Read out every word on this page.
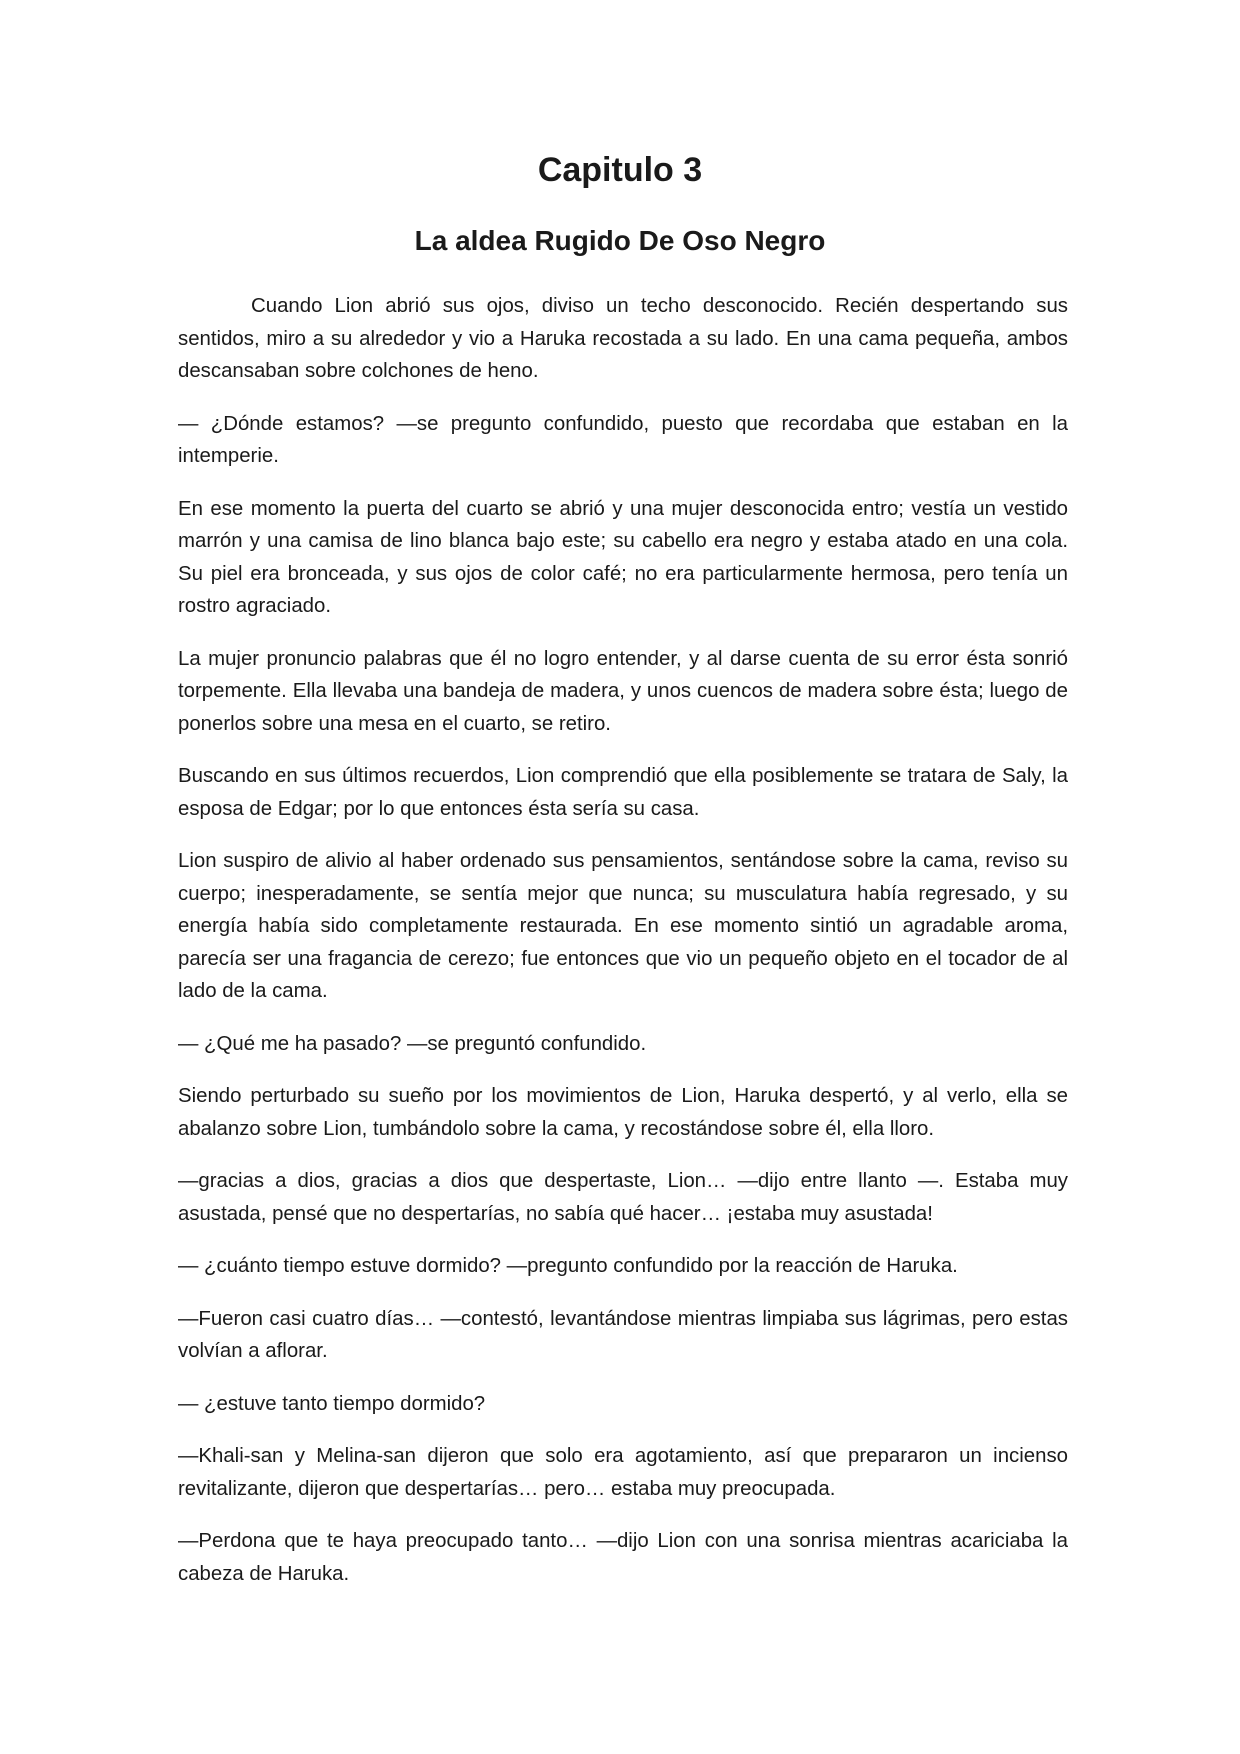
Capitulo 3
La aldea Rugido De Oso Negro

Cuando Lion abrió sus ojos, diviso un techo desconocido. Recién despertando sus sentidos, miro a su alrededor y vio a Haruka recostada a su lado. En una cama pequeña, ambos descansaban sobre colchones de heno.

— ¿Dónde estamos? —se pregunto confundido, puesto que recordaba que estaban en la intemperie.

En ese momento la puerta del cuarto se abrió y una mujer desconocida entro; vestía un vestido marrón y una camisa de lino blanca bajo este; su cabello era negro y estaba atado en una cola. Su piel era bronceada, y sus ojos de color café; no era particularmente hermosa, pero tenía un rostro agraciado.

La mujer pronuncio palabras que él no logro entender, y al darse cuenta de su error ésta sonrió torpemente. Ella llevaba una bandeja de madera, y unos cuencos de madera sobre ésta; luego de ponerlos sobre una mesa en el cuarto, se retiro.

Buscando en sus últimos recuerdos, Lion comprendió que ella posiblemente se tratara de Saly, la esposa de Edgar; por lo que entonces ésta sería su casa.

Lion suspiro de alivio al haber ordenado sus pensamientos, sentándose sobre la cama, reviso su cuerpo; inesperadamente, se sentía mejor que nunca; su musculatura había regresado, y su energía había sido completamente restaurada. En ese momento sintió un agradable aroma, parecía ser una fragancia de cerezo; fue entonces que vio un pequeño objeto en el tocador de al lado de la cama.

— ¿Qué me ha pasado? —se preguntó confundido.

Siendo perturbado su sueño por los movimientos de Lion, Haruka despertó, y al verlo, ella se abalanzo sobre Lion, tumbándolo sobre la cama, y recostándose sobre él, ella lloro.

—gracias a dios, gracias a dios que despertaste, Lion… —dijo entre llanto —. Estaba muy asustada, pensé que no despertarías, no sabía qué hacer… ¡estaba muy asustada!

— ¿cuánto tiempo estuve dormido? —pregunto confundido por la reacción de Haruka.

—Fueron casi cuatro días… —contestó, levantándose mientras limpiaba sus lágrimas, pero estas volvían a aflorar.

— ¿estuve tanto tiempo dormido?

—Khali-san y Melina-san dijeron que solo era agotamiento, así que prepararon un incienso revitalizante, dijeron que despertarías… pero… estaba muy preocupada.

—Perdona que te haya preocupado tanto… —dijo Lion con una sonrisa mientras acariciaba la cabeza de Haruka.
